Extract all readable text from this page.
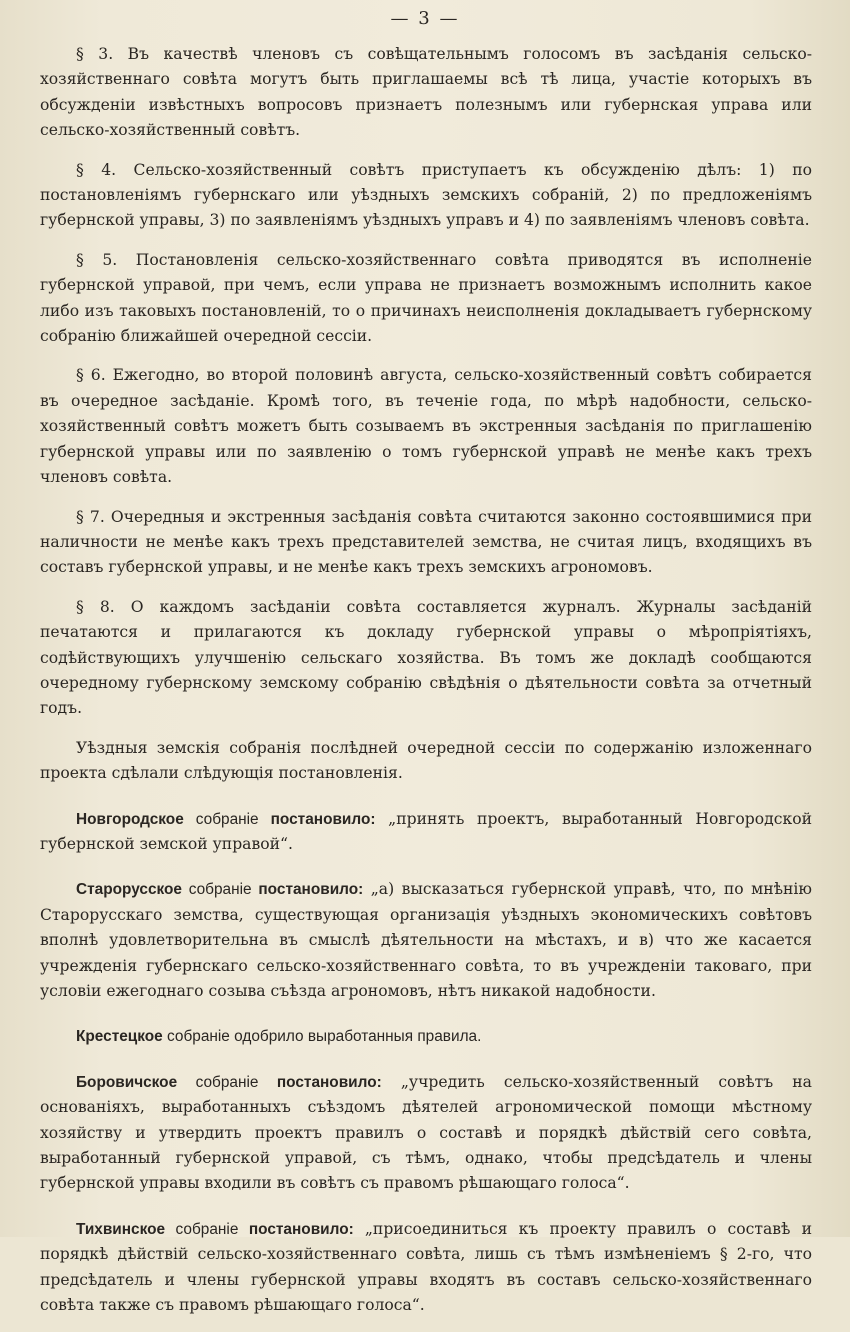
— 3 —

§ 3. Въ качествѣ членовъ съ совѣщательнымъ голосомъ въ засѣданія сельско-хозяйственнаго совѣта могутъ быть приглашаемы всѣ тѣ лица, участіе которыхъ въ обсужденіи извѣстныхъ вопросовъ признаетъ полезнымъ или губернская управа или сельско-хозяйственный совѣтъ.

§ 4. Сельско-хозяйственный совѣтъ приступаетъ къ обсужденію дѣлъ: 1) по постановленіямъ губернскаго или уѣздныхъ земскихъ собраній, 2) по предложеніямъ губернской управы, 3) по заявленіямъ уѣздныхъ управъ и 4) по заявленіямъ членовъ совѣта.

§ 5. Постановленія сельско-хозяйственнаго совѣта приводятся въ исполненіе губернской управой, при чемъ, если управа не признаетъ возможнымъ исполнить какое либо изъ таковыхъ постановленій, то о причинахъ неисполненія докладываетъ губернскому собранію ближайшей очередной сессіи.

§ 6. Ежегодно, во второй половинѣ августа, сельско-хозяйственный совѣтъ собирается въ очередное засѣданіе. Кромѣ того, въ теченіе года, по мѣрѣ надобности, сельско-хозяйственный совѣтъ можетъ быть созываемъ въ экстренныя засѣданія по приглашенію губернской управы или по заявленію о томъ губернской управѣ не менѣе какъ трехъ членовъ совѣта.

§ 7. Очередныя и экстренныя засѣданія совѣта считаются законно состоявшимися при наличности не менѣе какъ трехъ представителей земства, не считая лицъ, входящихъ въ составъ губернской управы, и не менѣе какъ трехъ земскихъ агрономовъ.

§ 8. О каждомъ засѣданіи совѣта составляется журналъ. Журналы засѣданій печатаются и прилагаются къ докладу губернской управы о мѣропріятіяхъ, содѣйствующихъ улучшенію сельскаго хозяйства. Въ томъ же докладѣ сообщаются очередному губернскому земскому собранію свѣдѣнія о дѣятельности совѣта за отчетный годъ.

Уѣздныя земскія собранія послѣдней очередной сессіи по содержанію изложеннаго проекта сдѣлали слѣдующія постановленія.

Новгородское собраніе постановило: „принять проектъ, выработанный Новгородской губернской земской управой“.

Старорусское собраніе постановило: „а) высказаться губернской управѣ, что, по мнѣнію Старорусскаго земства, существующая организація уѣздныхъ экономическихъ совѣтовъ вполнѣ удовлетворительна въ смыслѣ дѣятельности на мѣстахъ, и в) что же касается учрежденія губернскаго сельско-хозяйственнаго совѣта, то въ учрежденіи таковаго, при условіи ежегоднаго созыва съѣзда агрономовъ, нѣтъ никакой надобности.

Крестецкое собраніе одобрило выработанныя правила.

Боровичское собраніе постановило: „учредить сельско-хозяйственный совѣтъ на основаніяхъ, выработанныхъ съѣздомъ дѣятелей агрономической помощи мѣстному хозяйству и утвердить проектъ правилъ о составѣ и порядкѣ дѣйствій сего совѣта, выработанный губернской управой, съ тѣмъ, однако, чтобы предсѣдатель и члены губернской управы входили въ совѣтъ съ правомъ рѣшающаго голоса“.

Тихвинское собраніе постановило: „присоединиться къ проекту правилъ о составѣ и порядкѣ дѣйствій сельско-хозяйственнаго совѣта, лишь съ тѣмъ измѣненіемъ § 2-го, что предсѣдатель и члены губернской управы входятъ въ составъ сельско-хозяйственнаго совѣта также съ правомъ рѣшающаго голоса“.
